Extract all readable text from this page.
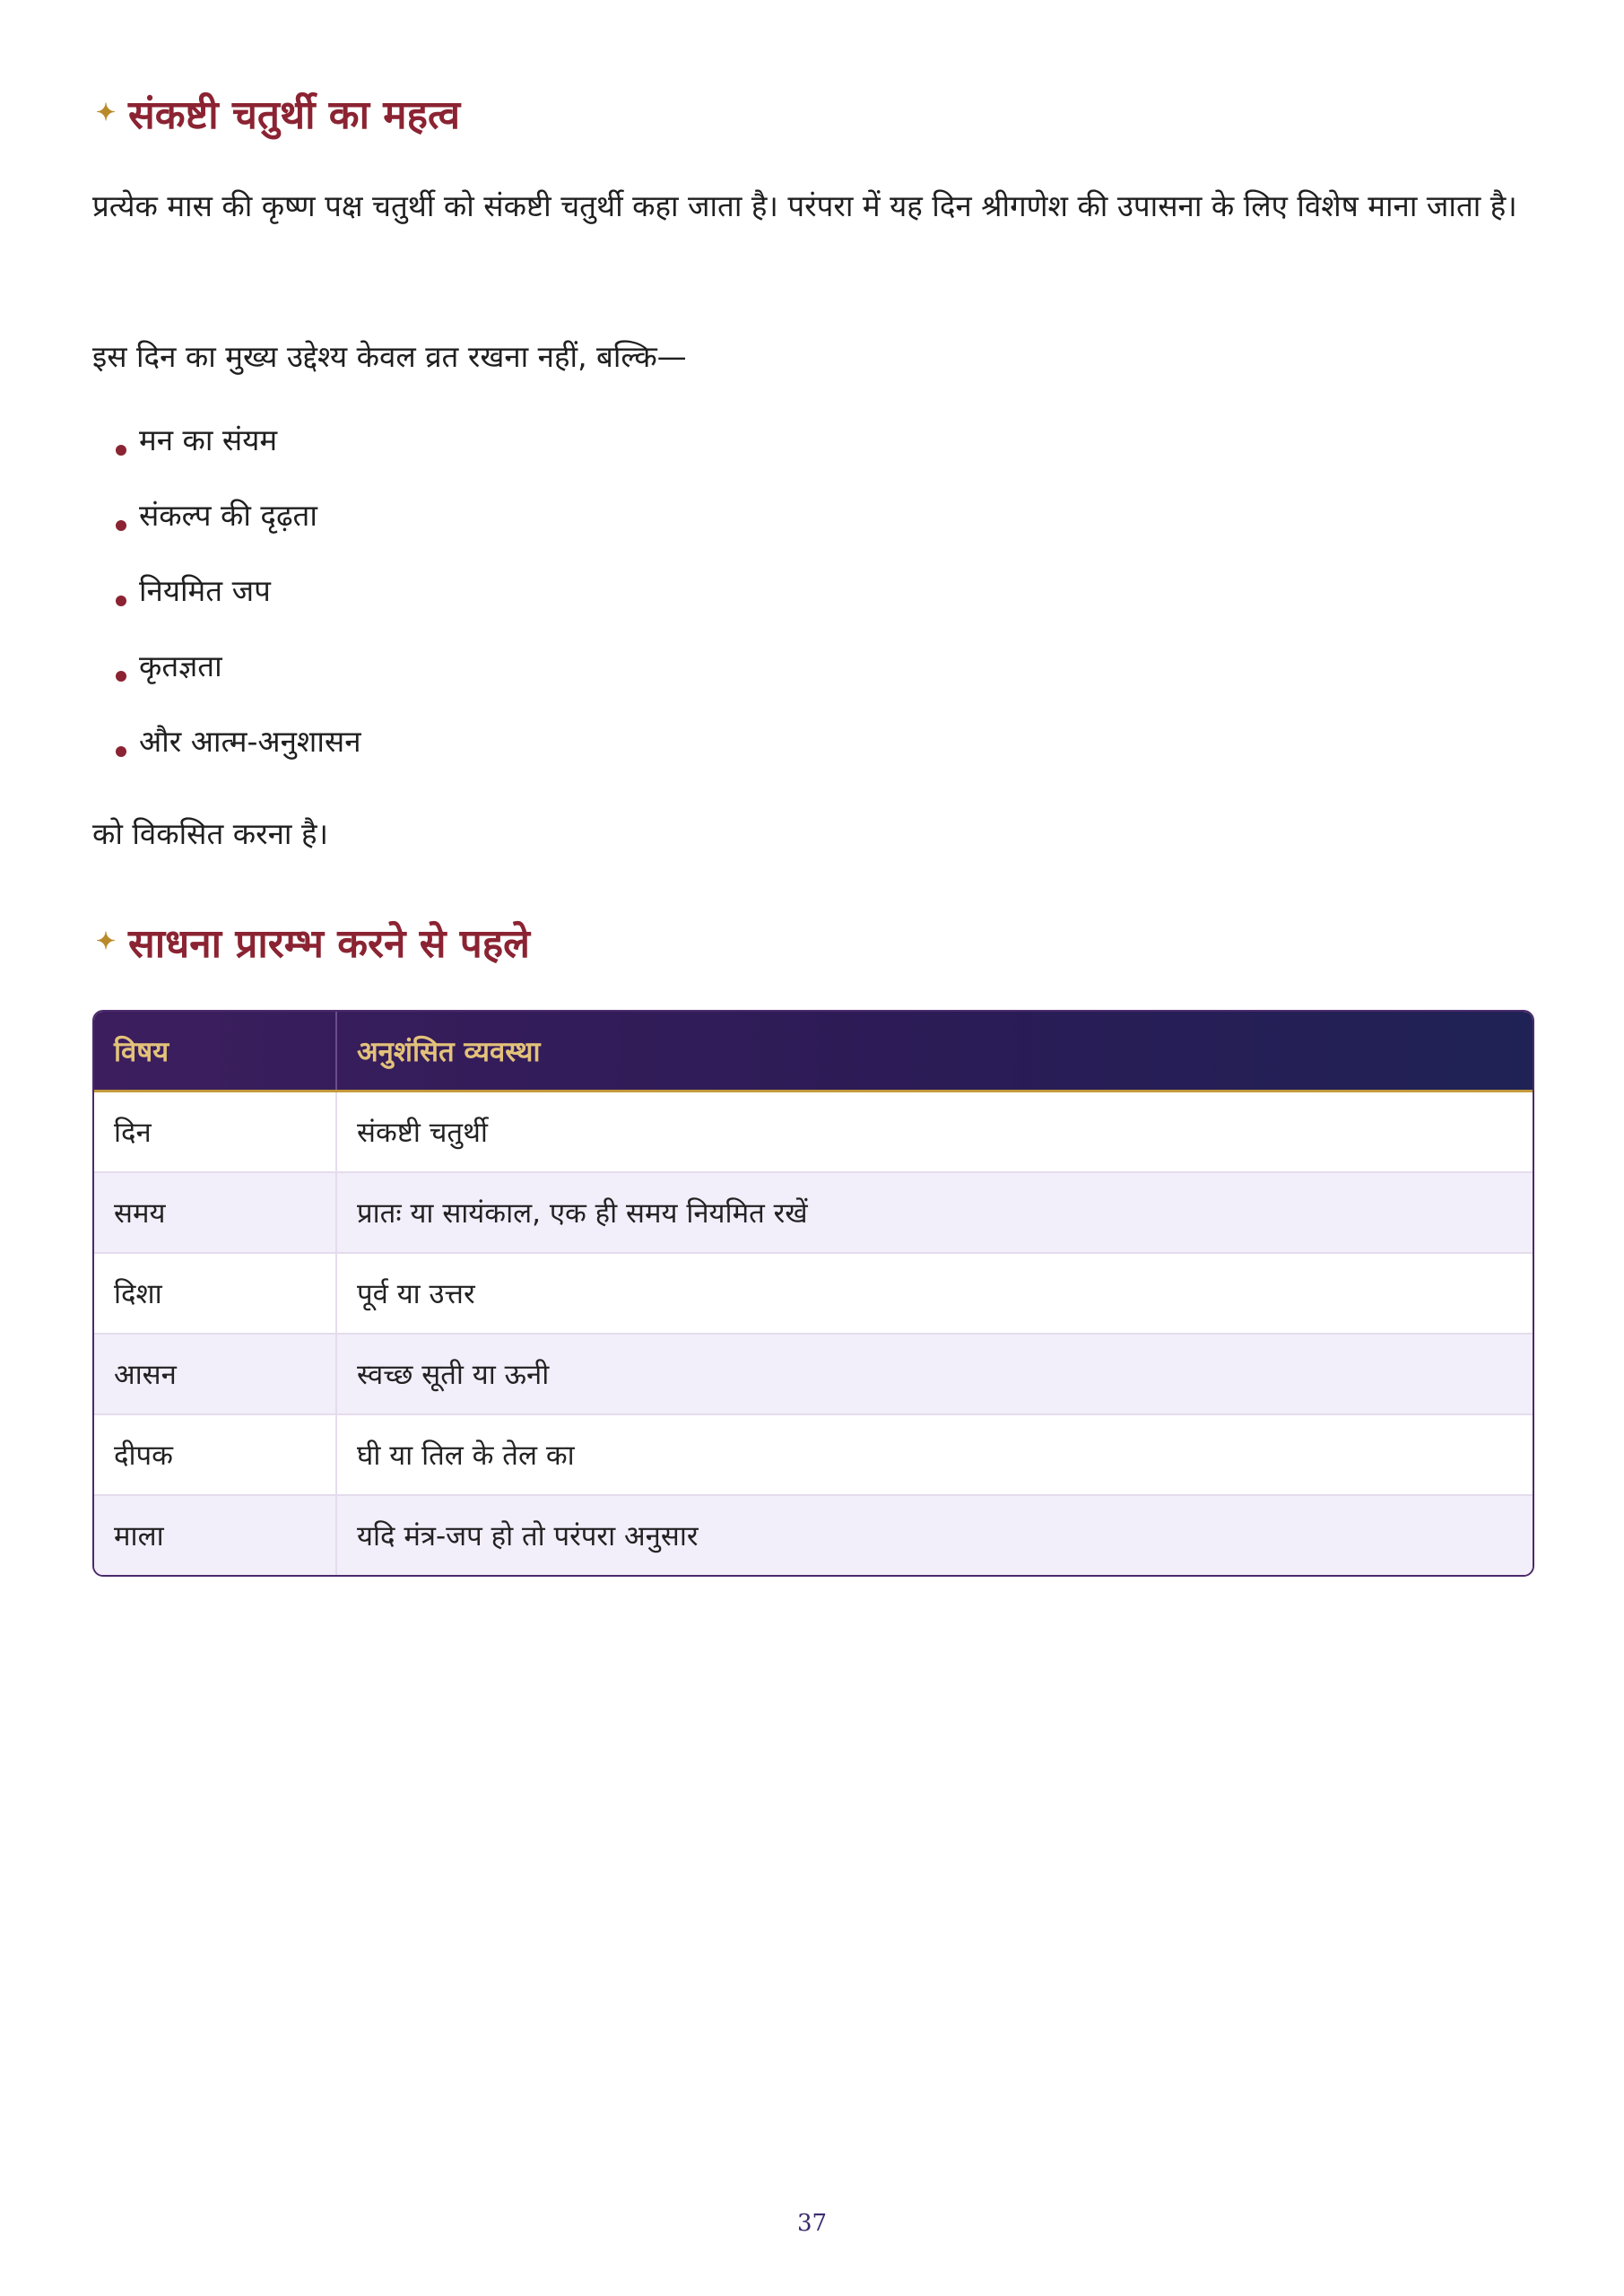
✦ संकष्टी चतुर्थी का महत्व

प्रत्येक मास की कृष्ण पक्ष चतुर्थी को संकष्टी चतुर्थी कहा जाता है। परंपरा में यह दिन श्रीगणेश की उपासना के लिए विशेष माना जाता है।

इस दिन का मुख्य उद्देश्य केवल व्रत रखना नहीं, बल्कि—

मन का संयम
संकल्प की दृढ़ता
नियमित जप
कृतज्ञता
और आत्म-अनुशासन

को विकसित करना है।

✦ साधना प्रारम्भ करने से पहले
विषय	अनुशंसित व्यवस्था
दिन	संकष्टी चतुर्थी
समय	प्रातः या सायंकाल, एक ही समय नियमित रखें
दिशा	पूर्व या उत्तर
आसन	स्वच्छ सूती या ऊनी
दीपक	घी या तिल के तेल का
माला	यदि मंत्र-जप हो तो परंपरा अनुसार
37
